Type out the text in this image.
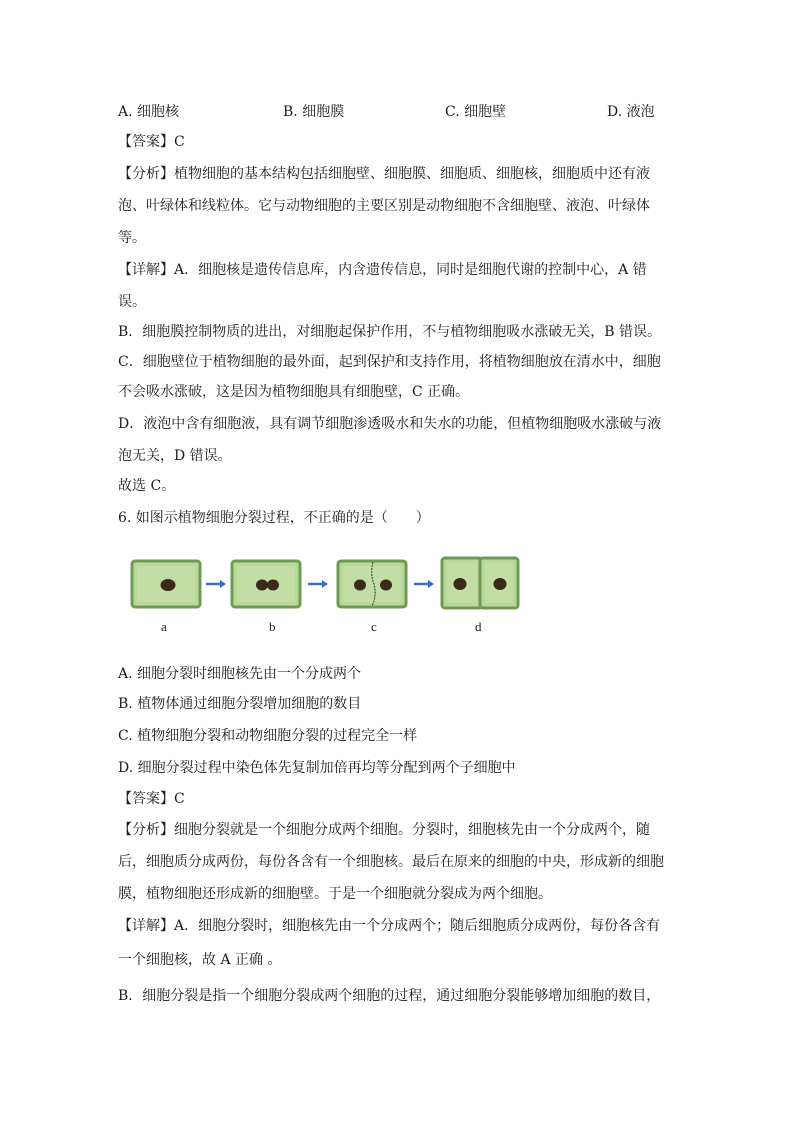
A. 细胞核	B. 细胞膜	C. 细胞壁	D. 液泡
【答案】C
【分析】植物细胞的基本结构包括细胞壁、细胞膜、细胞质、细胞核，细胞质中还有液
泡、叶绿体和线粒体。它与动物细胞的主要区别是动物细胞不含细胞壁、液泡、叶绿体
等。
【详解】A．细胞核是遗传信息库，内含遗传信息，同时是细胞代谢的控制中心，A 错
误。
B．细胞膜控制物质的进出，对细胞起保护作用，不与植物细胞吸水涨破无关，B 错误。
C．细胞壁位于植物细胞的最外面，起到保护和支持作用，将植物细胞放在清水中，细胞
不会吸水涨破，这是因为植物细胞具有细胞壁，C 正确。
D．液泡中含有细胞液，具有调节细胞渗透吸水和失水的功能，但植物细胞吸水涨破与液
泡无关，D 错误。
故选 C。
6. 如图示植物细胞分裂过程，不正确的是（　　）
a	b	c	d
A. 细胞分裂时细胞核先由一个分成两个
B. 植物体通过细胞分裂增加细胞的数目
C. 植物细胞分裂和动物细胞分裂的过程完全一样
D. 细胞分裂过程中染色体先复制加倍再均等分配到两个子细胞中
【答案】C
【分析】细胞分裂就是一个细胞分成两个细胞。分裂时，细胞核先由一个分成两个，随
后，细胞质分成两份，每份各含有一个细胞核。最后在原来的细胞的中央，形成新的细胞
膜，植物细胞还形成新的细胞壁。于是一个细胞就分裂成为两个细胞。
【详解】A．细胞分裂时，细胞核先由一个分成两个；随后细胞质分成两份，每份各含有
一个细胞核，故 A 正确 。
B．细胞分裂是指一个细胞分裂成两个细胞的过程，通过细胞分裂能够增加细胞的数目，
